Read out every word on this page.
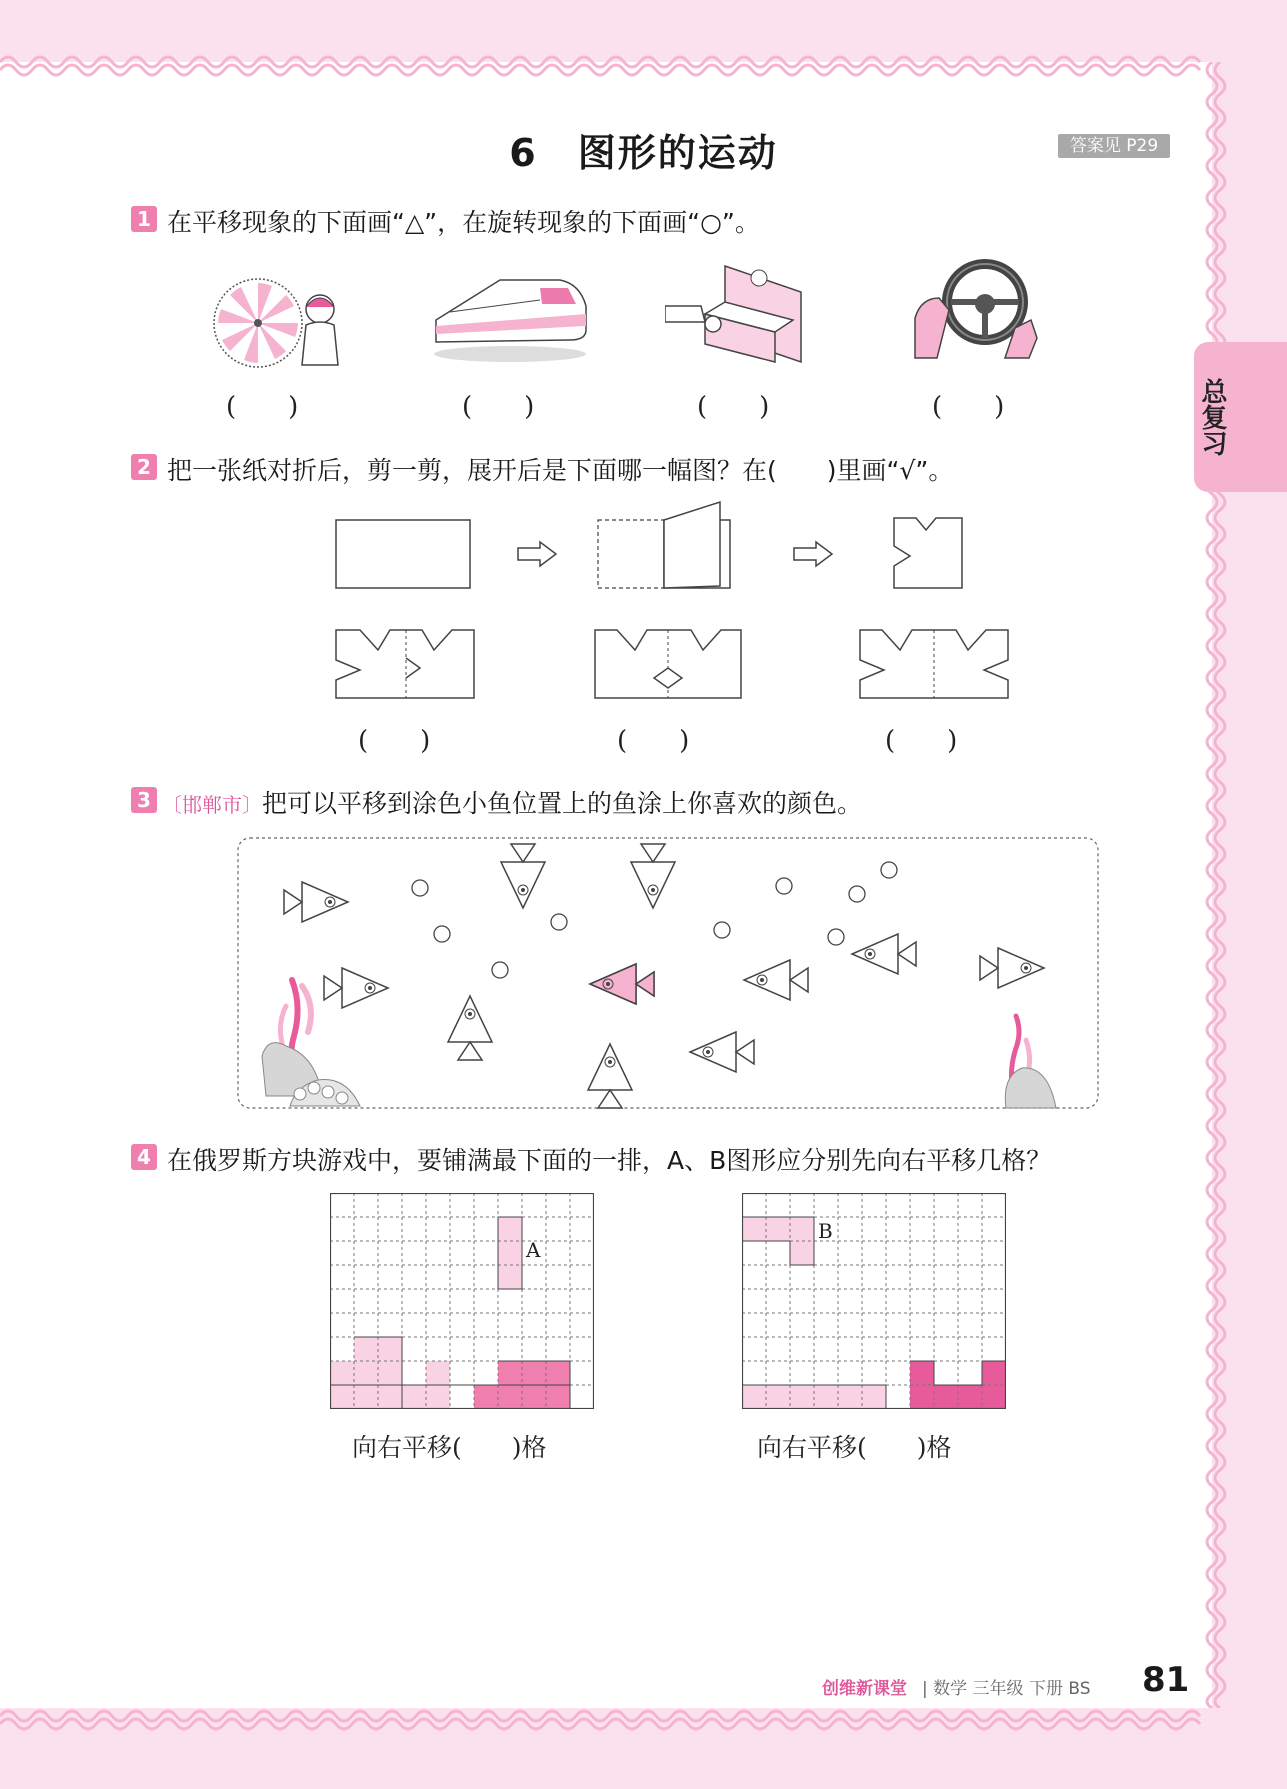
总复习
6　图形的运动	答案见 P29
1 在平移现象的下面画“△”，在旋转现象的下面画“○”。
(　　)	(　　)	(　　)	(　　)
2 把一张纸对折后，剪一剪，展开后是下面哪一幅图？在(　　)里画“√”。
(　　)	(　　)	(　　)
3 〔邯郸市〕把可以平移到涂色小鱼位置上的鱼涂上你喜欢的颜色。
4 在俄罗斯方块游戏中，要铺满最下面的一排，A、B图形应分别先向右平移几格？
A
B
向右平移(　　)格	向右平移(　　)格
创维新课堂 | 数学 三年级 下册 BS 81
